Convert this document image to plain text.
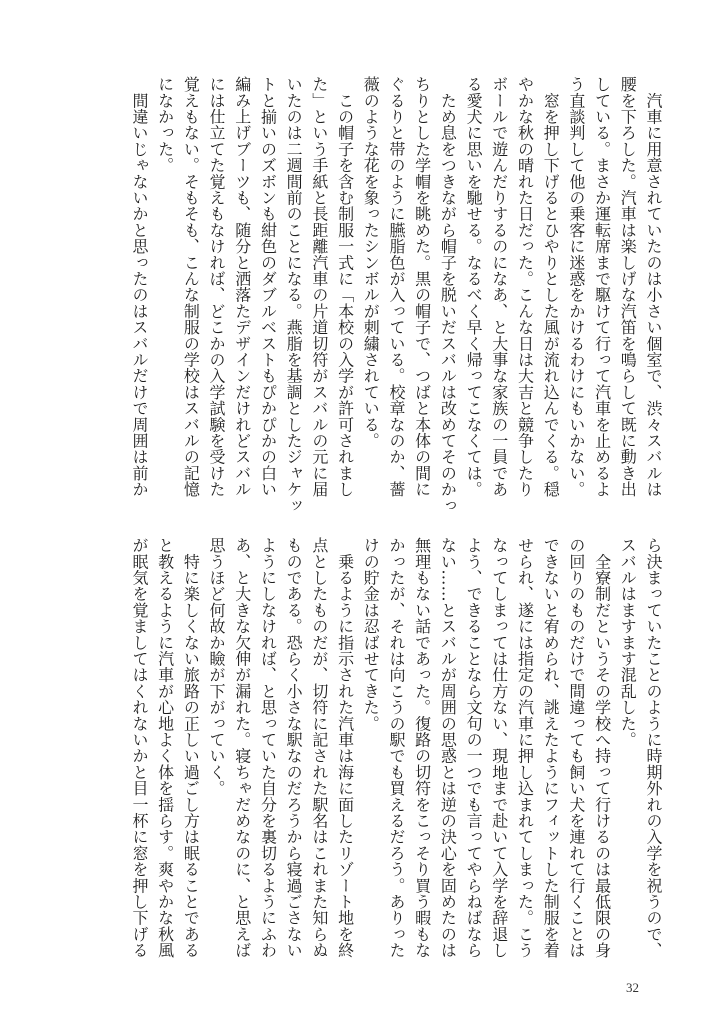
　汽車に用意されていたのは小さい個室で、渋々スバルは
腰を下ろした。汽車は楽しげな汽笛を鳴らして既に動き出
している。まさか運転席まで駆けて行って汽車を止めるよ
う直談判して他の乗客に迷惑をかけるわけにもいかない。
　窓を押し下げるとひやりとした風が流れ込んでくる。穏
やかな秋の晴れた日だった。こんな日は大吉と競争したり
ボールで遊んだりするのになあ、と大事な家族の一員であ
る愛犬に思いを馳せる。なるべく早く帰ってこなくては。
　ため息をつきながら帽子を脱いだスバルは改めてそのかっ
ちりとした学帽を眺めた。黒の帽子で、つばと本体の間に
ぐるりと帯のように臙脂色が入っている。校章なのか、薔
薇のような花を象ったシンボルが刺繍されている。
　この帽子を含む制服一式に「本校の入学が許可されまし
た」という手紙と長距離汽車の片道切符がスバルの元に届
いたのは二週間前のことになる。燕脂を基調としたジャケッ
トと揃いのズボンも紺色のダブルベストもぴかぴかの白い
編み上げブーツも、随分と洒落たデザインだけれどスバル
には仕立てた覚えもなければ、どこかの入学試験を受けた
覚えもない。そもそも、こんな制服の学校はスバルの記憶
になかった。
　間違いじゃないかと思ったのはスバルだけで周囲は前か
ら決まっていたことのように時期外れの入学を祝うので、
スバルはますます混乱した。
　全寮制だというその学校へ持って行けるのは最低限の身
の回りのものだけで間違っても飼い犬を連れて行くことは
できないと宥められ、誂えたようにフィットした制服を着
せられ、遂には指定の汽車に押し込まれてしまった。こう
なってしまっては仕方ない、現地まで赴いて入学を辞退し
よう、できることなら文句の一つでも言ってやらねばなら
ない……とスバルが周囲の思惑とは逆の決心を固めたのは
無理もない話であった。復路の切符をこっそり買う暇もな
かったが、それは向こうの駅でも買えるだろう。ありった
けの貯金は忍ばせてきた。
　乗るように指示された汽車は海に面したリゾート地を終
点としたものだが、切符に記された駅名はこれまた知らぬ
ものである。恐らく小さな駅なのだろうから寝過ごさない
ようにしなければ、と思っていた自分を裏切るようにふわ
あ、と大きな欠伸が漏れた。寝ちゃだめなのに、と思えば
思うほど何故か瞼が下がっていく。
　特に楽しくない旅路の正しい過ごし方は眠ることである
と教えるように汽車が心地よく体を揺らす。爽やかな秋風
が眠気を覚ましてはくれないかと目一杯に窓を押し下げる
32
